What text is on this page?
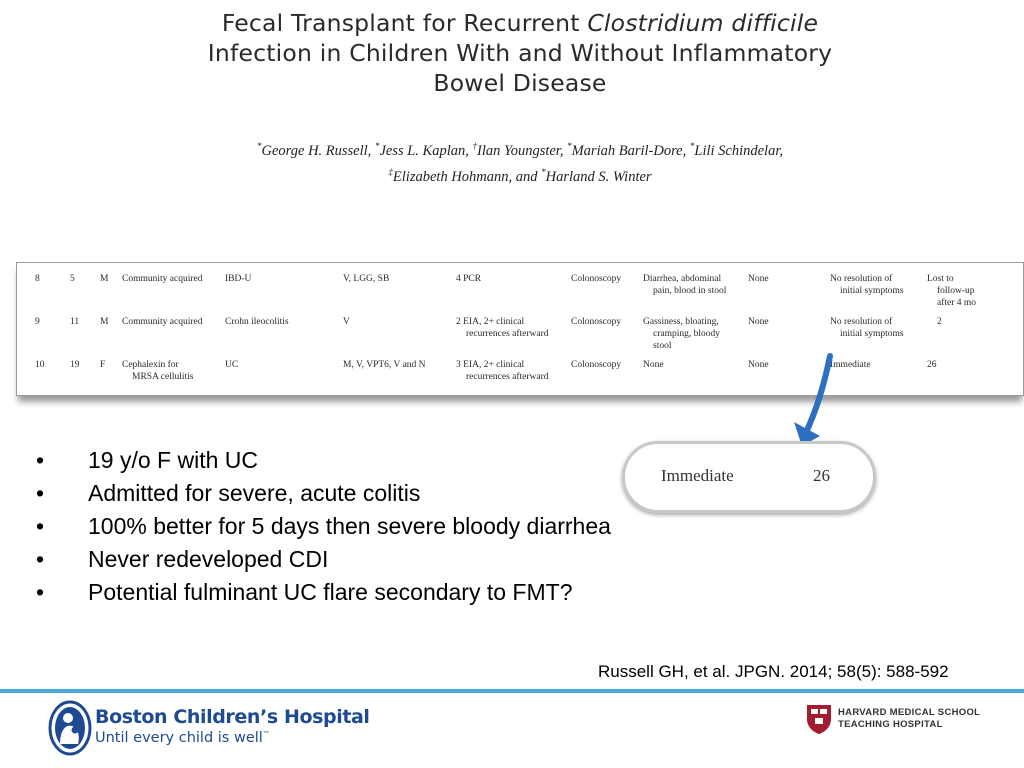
Fecal Transplant for Recurrent Clostridium difficile
Infection in Children With and Without Inflammatory
Bowel Disease
*George H. Russell, *Jess L. Kaplan, †Ilan Youngster, *Mariah Baril-Dore, *Lili Schindelar,
‡Elizabeth Hohmann, and *Harland S. Winter
8	5	M	Community acquired	IBD-U	V, LGG, SB	4 PCR	Colonoscopy	Diarrhea, abdominal
pain, blood in stool	None	No resolution of
initial symptoms	Lost to
follow-up
after 4 mo

9	11	M	Community acquired	Crohn ileocolitis	V	2 EIA, 2+ clinical
recurrences afterward	Colonoscopy	Gassiness, bloating,
cramping, bloody
stool	None	No resolution of
initial symptoms	2

10	19	F	Cephalexin for
MRSA cellulitis	UC	M, V, VPT6, V and N	3 EIA, 2+ clinical
recurrences afterward	Colonoscopy	None	None	Immediate	26
Immediate	26
• 19 y/o F with UC
• Admitted for severe, acute colitis
• 100% better for 5 days then severe bloody diarrhea
• Never redeveloped CDI
• Potential fulminant UC flare secondary to FMT?
Russell GH, et al. JPGN. 2014; 58(5): 588-592
Boston Children’s Hospital
Until every child is well™
HARVARD MEDICAL SCHOOL
TEACHING HOSPITAL
